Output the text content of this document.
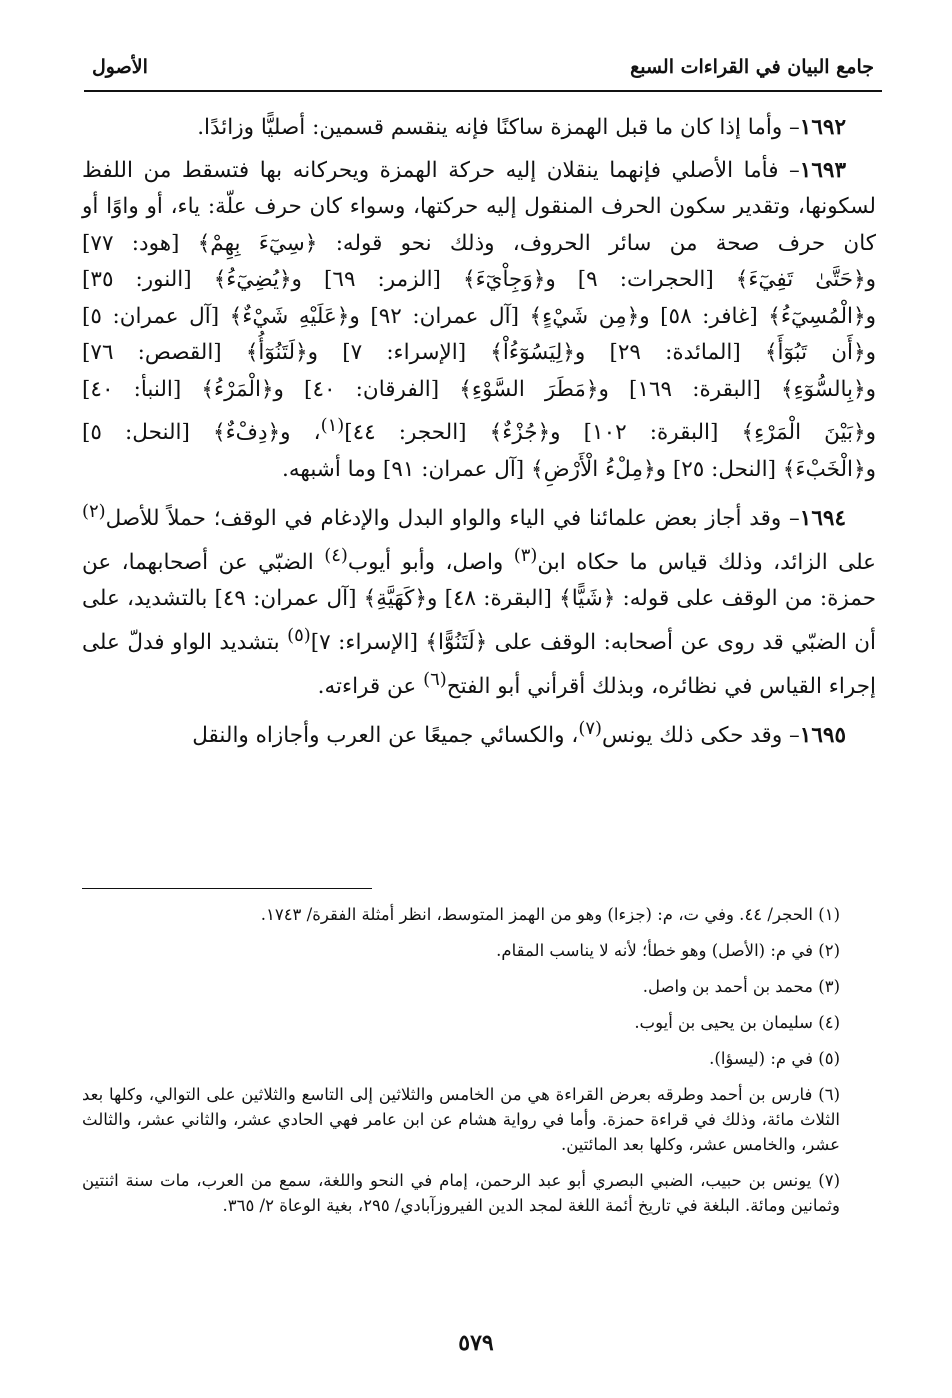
جامع البيان في القراءات السبع
الأصول

١٦٩٢– وأما إذا كان ما قبل الهمزة ساكنًا فإنه ينقسم قسمين: أصليًّا وزائدًا.

١٦٩٣– فأما الأصلي فإنهما ينقلان إليه حركة الهمزة ويحركانه بها فتسقط من اللفظ لسكونها، وتقدير سكون الحرف المنقول إليه حركتها، وسواء كان حرف علّة: ياء، أو واوًا أو كان حرف صحة من سائر الحروف، وذلك نحو قوله: ﴿سِيٓءَ بِهِمْ﴾ [هود: ٧٧] و﴿حَتَّىٰ تَفِيٓءَ﴾ [الحجرات: ٩] و﴿وَجِاْيٓءَ﴾ [الزمر: ٦٩] و﴿يُضِيٓءُ﴾ [النور: ٣٥] و﴿الْمُسِيٓءُ﴾ [غافر: ٥٨] و﴿مِن شَيْءٍ﴾ [آل عمران: ٩٢] و﴿عَلَيْهِ شَيْءٌ﴾ [آل عمران: ٥] و﴿أَن تَبُوٓأَ﴾ [المائدة: ٢٩] و﴿لِيَسُوٓءُاْ﴾ [الإسراء: ٧] و﴿لَتَنُوٓأُ﴾ [القصص: ٧٦] و﴿بِالسُّوٓءِ﴾ [البقرة: ١٦٩] و﴿مَطَرَ السَّوْءِ﴾ [الفرقان: ٤٠] و﴿الْمَرْءُ﴾ [النبأ: ٤٠] و﴿بَيْنَ الْمَرْءِ﴾ [البقرة: ١٠٢] و﴿جُزْءٌ﴾ [الحجر: ٤٤]$^{(١)}$، و﴿دِفْءٌ﴾ [النحل: ٥] و﴿الْخَبْءَ﴾ [النحل: ٢٥] و﴿مِلْءُ الْأَرْضِ﴾ [آل عمران: ٩١] وما أشبهه.

١٦٩٤– وقد أجاز بعض علمائنا في الياء والواو البدل والإدغام في الوقف؛ حملاً للأصل$^{(٢)}$ على الزائد، وذلك قياس ما حكاه ابن$^{(٣)}$ واصل، وأبو أيوب$^{(٤)}$ الضبّي عن أصحابهما، عن حمزة: من الوقف على قوله: ﴿شَيًّا﴾ [البقرة: ٤٨] و﴿كَهَيَّةِ﴾ [آل عمران: ٤٩] بالتشديد، على أن الضبّي قد روى عن أصحابه: الوقف على ﴿لَتَنُوًّا﴾ [الإسراء: ٧]$^{(٥)}$ بتشديد الواو فدلّ على إجراء القياس في نظائره، وبذلك أقرأني أبو الفتح$^{(٦)}$ عن قراءته.

١٦٩٥– وقد حكى ذلك يونس$^{(٧)}$، والكسائي جميعًا عن العرب وأجازاه والنقل

(١) الحجر/ ٤٤. وفي ت، م: (جزءا) وهو من الهمز المتوسط، انظر أمثلة الفقرة/ ١٧٤٣.

(٢) في م: (الأصل) وهو خطأ؛ لأنه لا يناسب المقام.

(٣) محمد بن أحمد بن واصل.

(٤) سليمان بن يحيى بن أيوب.

(٥) في م: (ليسؤا).

(٦) فارس بن أحمد وطرقه بعرض القراءة هي من الخامس والثلاثين إلى التاسع والثلاثين على التوالي، وكلها بعد الثلاث مائة، وذلك في قراءة حمزة. وأما في رواية هشام عن ابن عامر فهي الحادي عشر، والثاني عشر، والثالث عشر، والخامس عشر، وكلها بعد المائتين.

(٧) يونس بن حبيب، الضبي البصري أبو عبد الرحمن، إمام في النحو واللغة، سمع من العرب، مات سنة اثنتين وثمانين ومائة. البلغة في تاريخ أئمة اللغة لمجد الدين الفيروزآبادي/ ٢٩٥، بغية الوعاة ٢/ ٣٦٥.

٥٧٩
